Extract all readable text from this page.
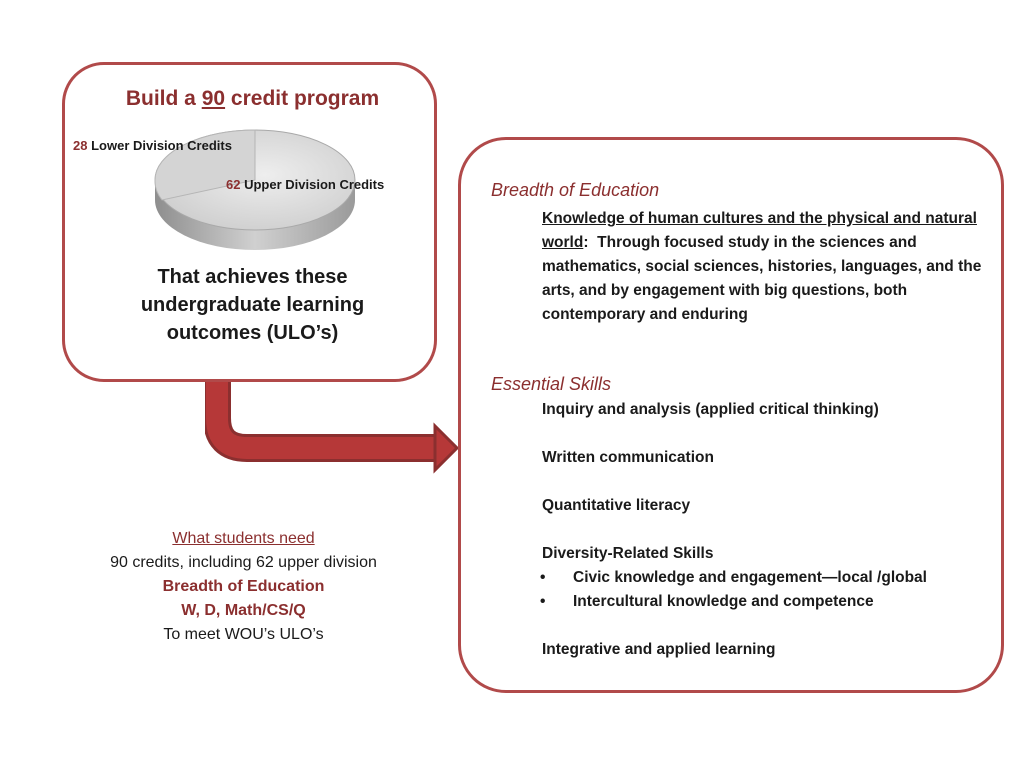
Build a 90 credit program
28 Lower Division Credits
62 Upper Division Credits
That achieves these
undergraduate learning
outcomes (ULO’s)
Breadth of Education
Knowledge of human cultures and the physical and natural world: Through focused study in the sciences and mathematics, social sciences, histories, languages, and the arts, and by engagement with big questions, both contemporary and enduring
Essential Skills
Inquiry and analysis (applied critical thinking)
Written communication
Quantitative literacy
Diversity-Related Skills
• Civic knowledge and engagement—local /global
• Intercultural knowledge and competence
Integrative and applied learning
What students need
90 credits, including 62 upper division
Breadth of Education
W, D, Math/CS/Q
To meet WOU’s ULO’s
